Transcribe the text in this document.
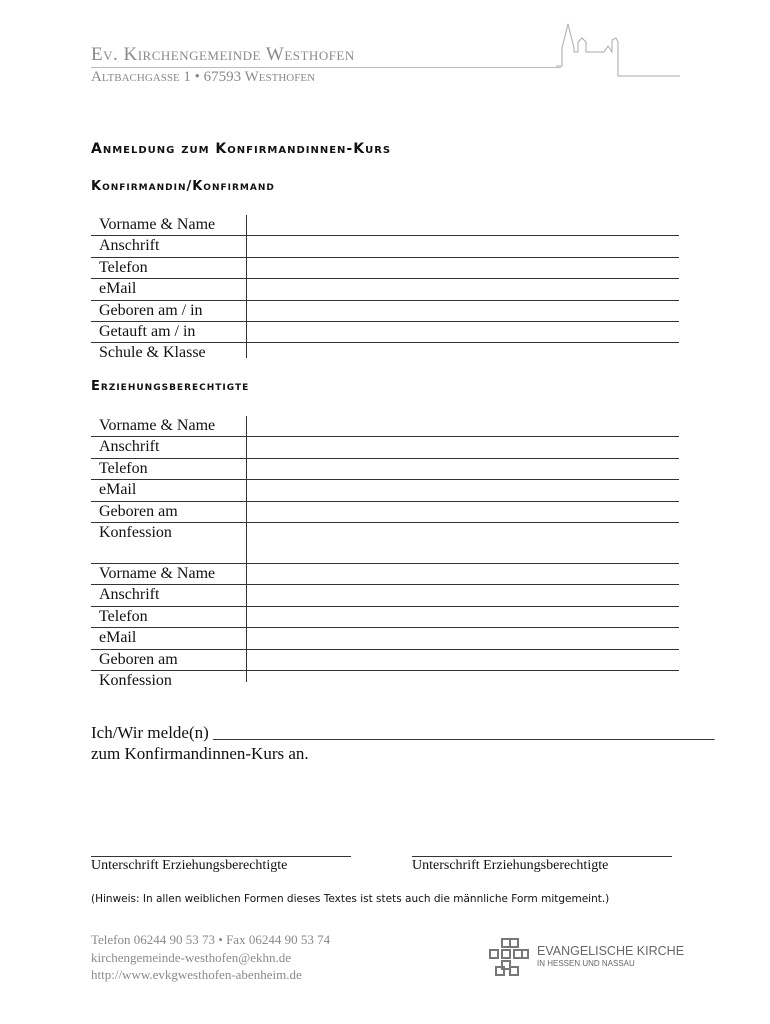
Ev. Kirchengemeinde Westhofen
Altbachgasse 1 • 67593 Westhofen
Anmeldung zum Konfirmandinnen-Kurs
Konfirmandin/Konfirmand
Vorname & Name
Anschrift
Telefon
eMail
Geboren am / in
Getauft am / in
Schule & Klasse
Erziehungsberechtigte
Vorname & Name
Anschrift
Telefon
eMail
Geboren am
Konfession
Vorname & Name
Anschrift
Telefon
eMail
Geboren am
Konfession
Ich/Wir melde(n) ___________________________________________________________
zum Konfirmandinnen-Kurs an.
Unterschrift Erziehungsberechtigte	Unterschrift Erziehungsberechtigte
(Hinweis: In allen weiblichen Formen dieses Textes ist stets auch die männliche Form mitgemeint.)
Telefon 06244 90 53 73 • Fax 06244 90 53 74
kirchengemeinde-westhofen@ekhn.de
http://www.evkgwesthofen-abenheim.de
EVANGELISCHE KIRCHE
IN HESSEN UND NASSAU
